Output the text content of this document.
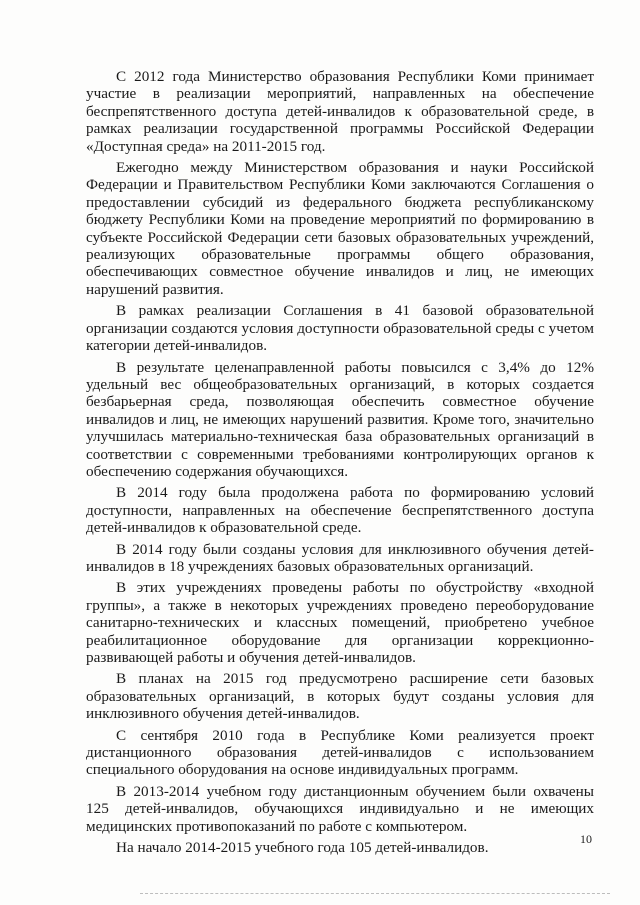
С 2012 года Министерство образования Республики Коми принимает участие в реализации мероприятий, направленных на обеспечение беспрепятственного доступа детей-инвалидов к образовательной среде, в рамках реализации государственной программы Российской Федерации «Доступная среда» на 2011-2015 год.

Ежегодно между Министерством образования и науки Российской Федерации и Правительством Республики Коми заключаются Соглашения о предоставлении субсидий из федерального бюджета республиканскому бюджету Республики Коми на проведение мероприятий по формированию в субъекте Российской Федерации сети базовых образовательных учреждений, реализующих образовательные программы общего образования, обеспечивающих совместное обучение инвалидов и лиц, не имеющих нарушений развития.

В рамках реализации Соглашения в 41 базовой образовательной организации создаются условия доступности образовательной среды с учетом категории детей-инвалидов.

В результате целенаправленной работы повысился с 3,4% до 12% удельный вес общеобразовательных организаций, в которых создается безбарьерная среда, позволяющая обеспечить совместное обучение инвалидов и лиц, не имеющих нарушений развития. Кроме того, значительно улучшилась материально-техническая база образовательных организаций в соответствии с современными требованиями контролирующих органов к обеспечению содержания обучающихся.

В 2014 году была продолжена работа по формированию условий доступности, направленных на обеспечение беспрепятственного доступа детей-инвалидов к образовательной среде.

В 2014 году были созданы условия для инклюзивного обучения детей-инвалидов в 18 учреждениях базовых образовательных организаций.

В этих учреждениях проведены работы по обустройству «входной группы», а также в некоторых учреждениях проведено переоборудование санитарно-технических и классных помещений, приобретено учебное реабилитационное оборудование для организации коррекционно-развивающей работы и обучения детей-инвалидов.

В планах на 2015 год предусмотрено расширение сети базовых образовательных организаций, в которых будут созданы условия для инклюзивного обучения детей-инвалидов.

С сентября 2010 года в Республике Коми реализуется проект дистанционного образования детей-инвалидов с использованием специального оборудования на основе индивидуальных программ.

В 2013-2014 учебном году дистанционным обучением были охвачены 125 детей-инвалидов, обучающихся индивидуально и не имеющих медицинских противопоказаний по работе с компьютером.

На начало 2014-2015 учебного года 105 детей-инвалидов.

10
